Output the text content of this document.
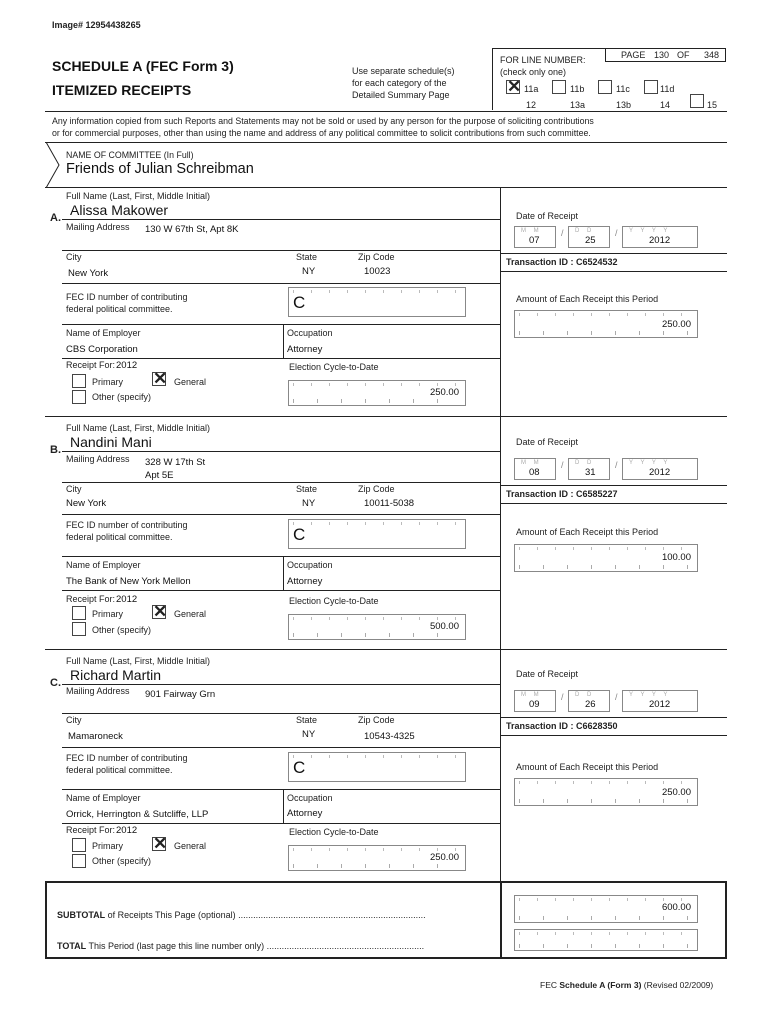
Image# 12954438265
SCHEDULE A (FEC Form 3)
ITEMIZED RECEIPTS
Use separate schedule(s)
for each category of the
Detailed Summary Page
FOR LINE NUMBER:
(check only one)
PAGE 130 OF 348
✕ 11a	11b	11c	11d
12	13a	13b	14	15
Any information copied from such Reports and Statements may not be sold or used by any person for the purpose of soliciting contributions
or for commercial purposes, other than using the name and address of any political committee to solicit contributions from such committee.
NAME OF COMMITTEE (In Full)
Friends of Julian Schreibman
Full Name (Last, First, Middle Initial)
Alissa Makower
A.
Mailing Address 130 W 67th St, Apt 8K
City	State	Zip Code
New York	NY	10023
FEC ID number of contributing
federal political committee.	C
Name of Employer	Occupation
CBS Corporation	Attorney
Receipt For: 2012
Primary ✕ General
Other (specify)
Election Cycle-to-Date
250.00
Date of Receipt
M M
07
/ D D
25
/ Y Y Y Y
2012
Transaction ID : C6524532
Amount of Each Receipt this Period
250.00
Full Name (Last, First, Middle Initial)
Nandini Mani
B.
Mailing Address 328 W 17th St
Apt 5E
City	State	Zip Code
New York	NY	10011-5038
FEC ID number of contributing
federal political committee.	C
Name of Employer	Occupation
The Bank of New York Mellon	Attorney
Receipt For: 2012
Primary ✕ General
Other (specify)
Election Cycle-to-Date
500.00
Date of Receipt
M M
08
/ D D
31
/ Y Y Y Y
2012
Transaction ID : C6585227
Amount of Each Receipt this Period
100.00
Full Name (Last, First, Middle Initial)
Richard Martin
C.
Mailing Address 901 Fairway Grn
City	State	Zip Code
Mamaroneck	NY	10543-4325
FEC ID number of contributing
federal political committee.	C
Name of Employer	Occupation
Orrick, Herrington & Sutcliffe, LLP	Attorney
Receipt For: 2012
Primary ✕ General
Other (specify)
Election Cycle-to-Date
250.00
Date of Receipt
M M
09
/ D D
26
/ Y Y Y Y
2012
Transaction ID : C6628350
Amount of Each Receipt this Period
250.00
SUBTOTAL of Receipts This Page (optional) ...........................................................................
600.00
TOTAL This Period (last page this line number only) ...............................................................
FEC Schedule A (Form 3) (Revised 02/2009)
